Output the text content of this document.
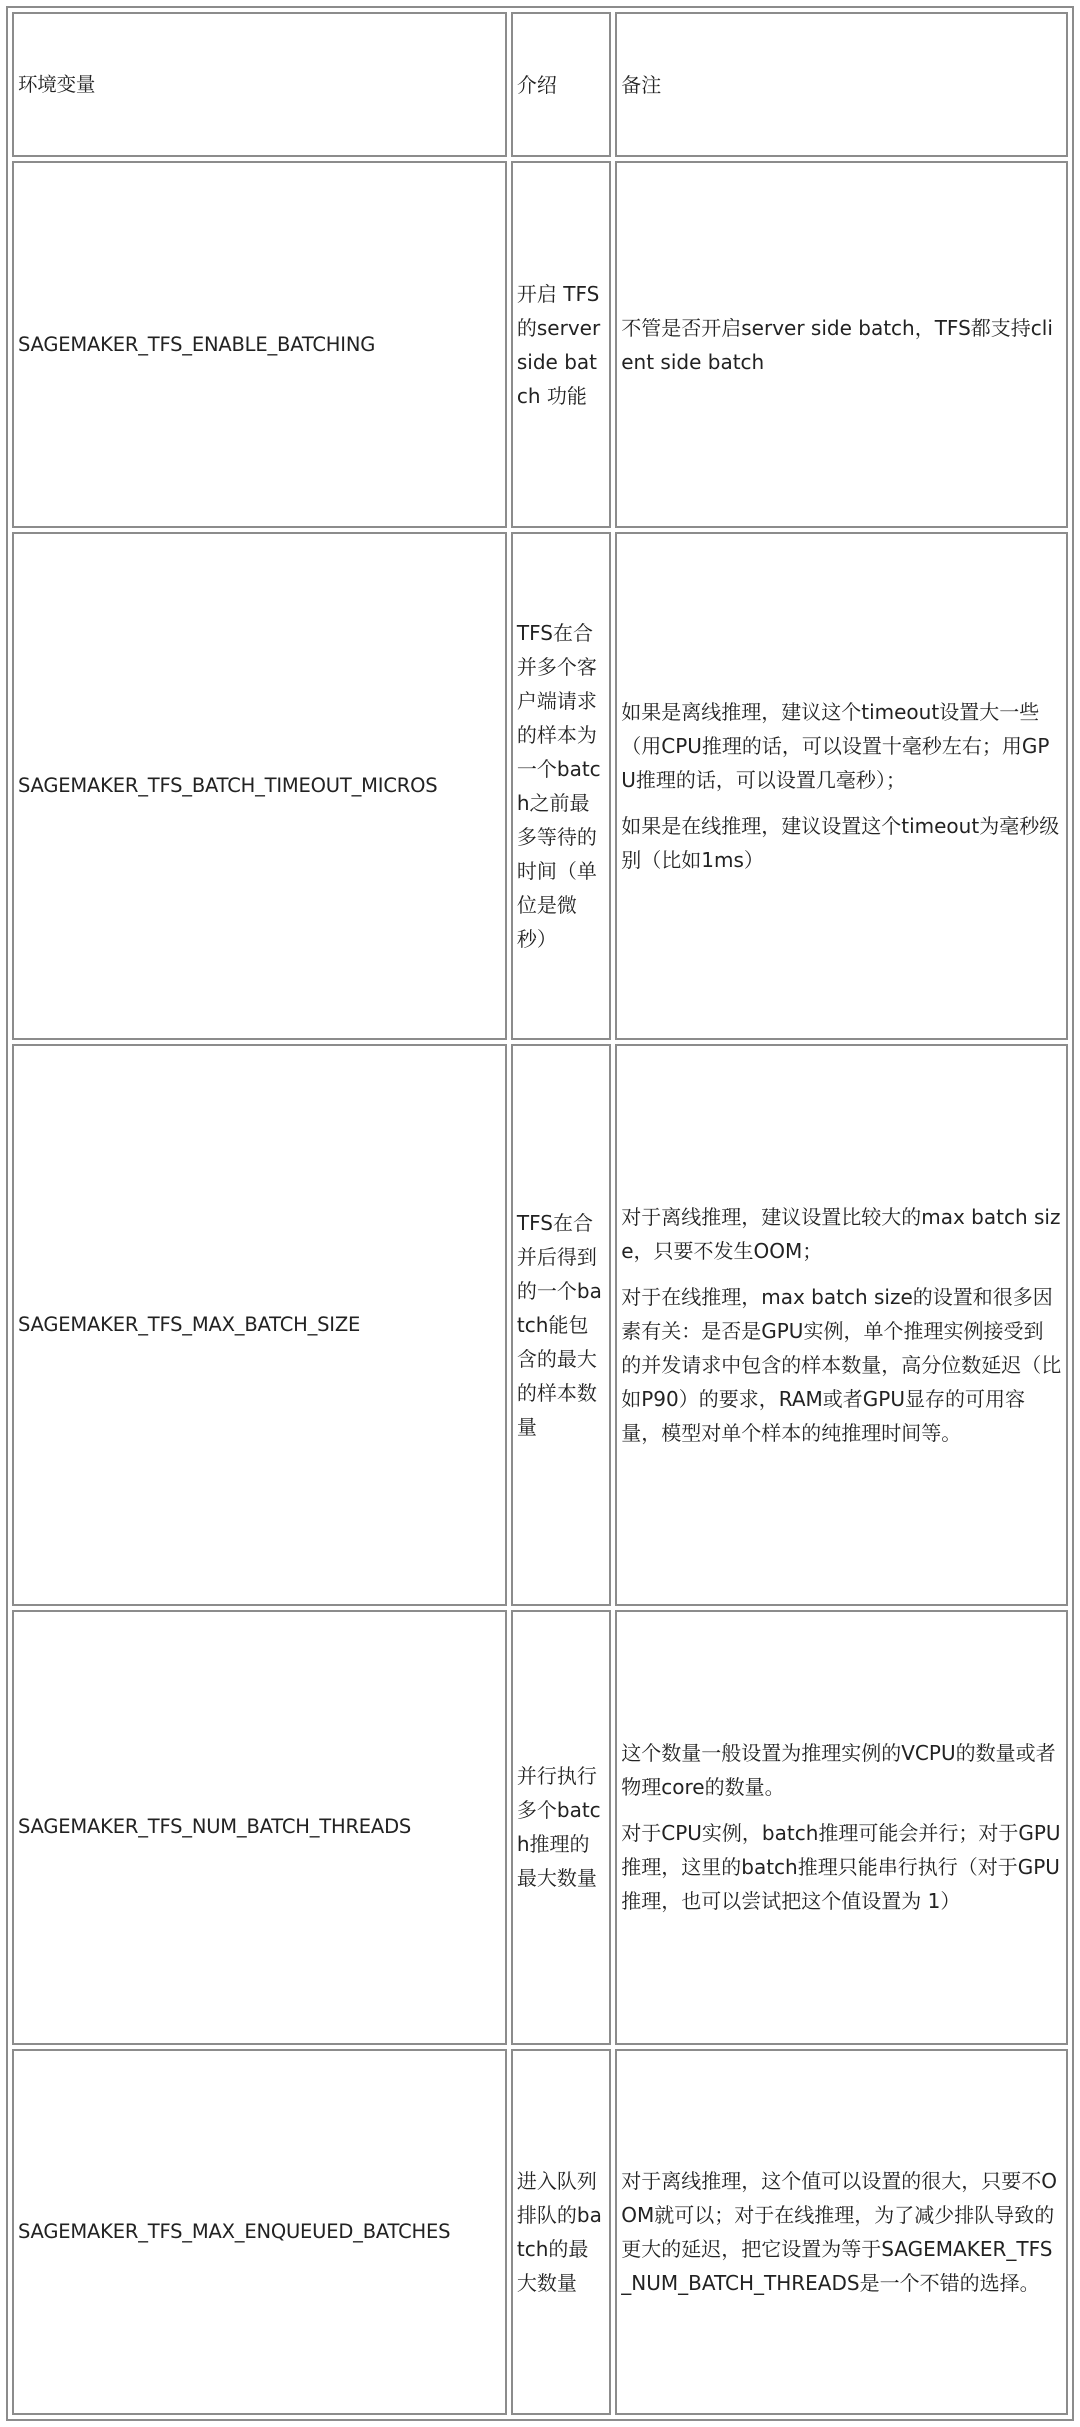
环境变量	介绍	备注
SAGEMAKER_TFS_ENABLE_BATCHING	开启 TFS 的server side batch 功能	不管是否开启server side batch，TFS都支持client side batch

SAGEMAKER_TFS_BATCH_TIMEOUT_MICROS	TFS在合并多个客户端请求的样本为一个batch之前最多等待的时间（单位是微秒）	如果是离线推理，建议这个timeout设置大一些（用CPU推理的话，可以设置十毫秒左右；用GPU推理的话，可以设置几毫秒）；

如果是在线推理，建议设置这个timeout为毫秒级别（比如1ms）

SAGEMAKER_TFS_MAX_BATCH_SIZE	TFS在合并后得到的一个batch能包含的最大的样本数量	对于离线推理，建议设置比较大的max batch size，只要不发生OOM；

对于在线推理，max batch size的设置和很多因素有关：是否是GPU实例，单个推理实例接受到的并发请求中包含的样本数量，高分位数延迟（比如P90）的要求，RAM或者GPU显存的可用容量，模型对单个样本的纯推理时间等。

SAGEMAKER_TFS_NUM_BATCH_THREADS	并行执行多个batch推理的最大数量	这个数量一般设置为推理实例的VCPU的数量或者物理core的数量。

对于CPU实例，batch推理可能会并行；对于GPU推理，这里的batch推理只能串行执行（对于GPU推理，也可以尝试把这个值设置为 1）

SAGEMAKER_TFS_MAX_ENQUEUED_BATCHES	进入队列排队的batch的最大数量	对于离线推理，这个值可以设置的很大，只要不OOM就可以；对于在线推理，为了减少排队导致的更大的延迟，把它设置为等于SAGEMAKER_TFS_NUM_BATCH_THREADS是一个不错的选择。
